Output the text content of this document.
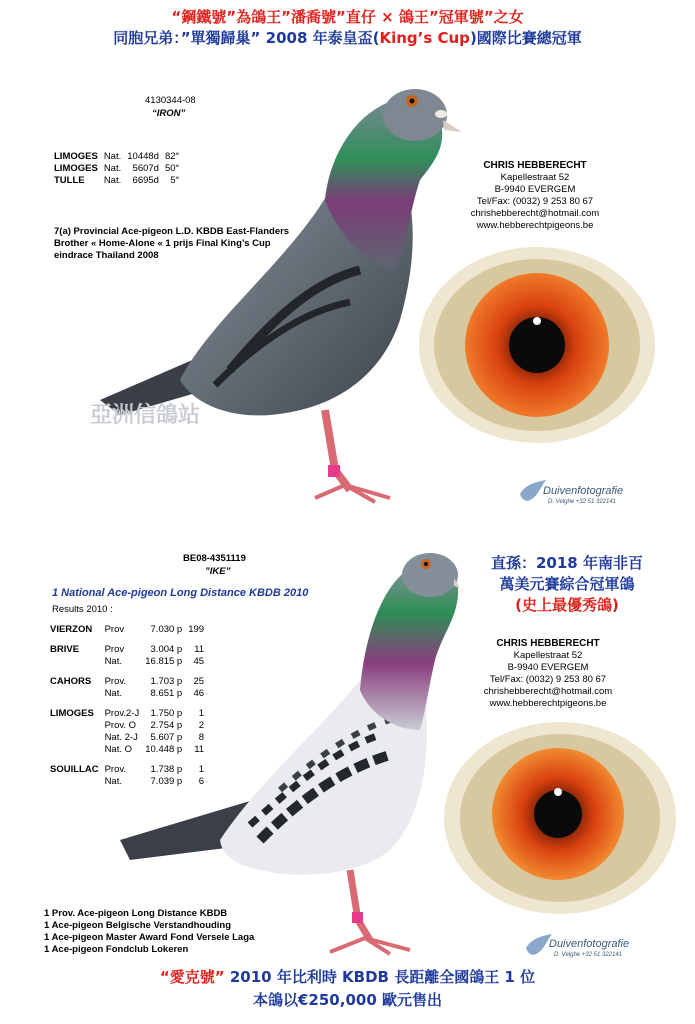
“鋼鐵號”為鴿王”潘喬號”直仔 × 鴿王”冠軍號”之女
同胞兄弟：”單獨歸巢” 2008 年泰皇盃(King’s Cup)國際比賽總冠軍
4130344-08
“IRON”
LIMOGES	Nat.	10448d	82°
LIMOGES	Nat.	5607d	50°
TULLE	Nat.	6695d	5°
7(a) Provincial Ace-pigeon L.D. KBDB East-Flanders
Brother « Home-Alone « 1 prijs Final King’s Cup
eindrace Thailand 2008
亞洲信鴿站
CHRIS HEBBERECHT
Kapellestraat 52
B-9940 EVERGEM
Tel/Fax: (0032) 9 253 80 67
chrishebberecht@hotmail.com
www.hebberechtpigeons.be
Duivenfotografie
D. Velghe +32 51 322141
BE08-4351119
”IKE”
1 National Ace-pigeon Long Distance KBDB 2010
Results 2010 :
VIERZON	Prov	7.030 p	199
BRIVE	Prov	3.004 p	11
	Nat.	16.815 p	45
CAHORS	Prov.	1.703 p	25
	Nat.	8.651 p	46
LIMOGES	Prov.2-J	1.750 p	1
	Prov. O	2.754 p	2
	Nat. 2-J	5.607 p	8
	Nat. O	10.448 p	11
SOUILLAC	Prov.	1.738 p	1
	Nat.	7.039 p	6
直孫：2018 年南非百
萬美元賽綜合冠軍鴿
(史上最優秀鴿)
CHRIS HEBBERECHT
Kapellestraat 52
B-9940 EVERGEM
Tel/Fax: (0032) 9 253 80 67
chrishebberecht@hotmail.com
www.hebberechtpigeons.be
1 Prov. Ace-pigeon Long Distance KBDB
1 Ace-pigeon Belgische Verstandhouding
1 Ace-pigeon Master Award Fond Versele Laga
1 Ace-pigeon Fondclub Lokeren	Duivenfotografie
D. Velghe +32 51 322141
“愛克號” 2010 年比利時 KBDB 長距離全國鴿王 1 位
本鴿以€250,000 歐元售出
